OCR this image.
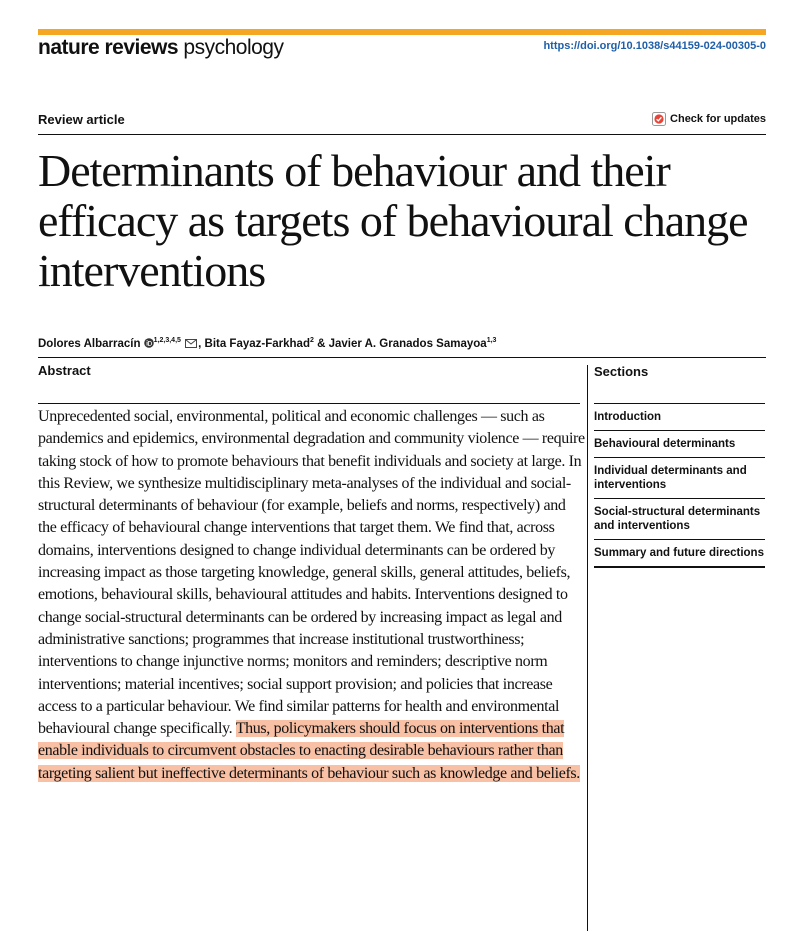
nature reviews psychology	https://doi.org/10.1038/s44159-024-00305-0
Review article	Check for updates
Determinants of behaviour and their efficacy as targets of behavioural change interventions
Dolores Albarracín $^{1,2,3,4,5}$ , Bita Fayaz-Farkhad$^2$ & Javier A. Granados Samayoa$^{1,3}$
Abstract

Unprecedented social, environmental, political and economic challenges — such as pandemics and epidemics, environmental degradation and community violence — require taking stock of how to promote behaviours that benefit individuals and society at large. In this Review, we synthesize multidisciplinary meta-analyses of the individual and social-structural determinants of behaviour (for example, beliefs and norms, respectively) and the efficacy of behavioural change interventions that target them. We find that, across domains, interventions designed to change individual determinants can be ordered by increasing impact as those targeting knowledge, general skills, general attitudes, beliefs, emotions, behavioural skills, behavioural attitudes and habits. Interventions designed to change social-structural determinants can be ordered by increasing impact as legal and administrative sanctions; programmes that increase institutional trustworthiness; interventions to change injunctive norms; monitors and reminders; descriptive norm interventions; material incentives; social support provision; and policies that increase access to a particular behaviour. We find similar patterns for health and environmental behavioural change specifically. Thus, policymakers should focus on interventions that enable individuals to circumvent obstacles to enacting desirable behaviours rather than targeting salient but ineffective determinants of behaviour such as knowledge and beliefs.

Sections
Introduction
Behavioural determinants
Individual determinants and interventions
Social-structural determinants and interventions
Summary and future directions
